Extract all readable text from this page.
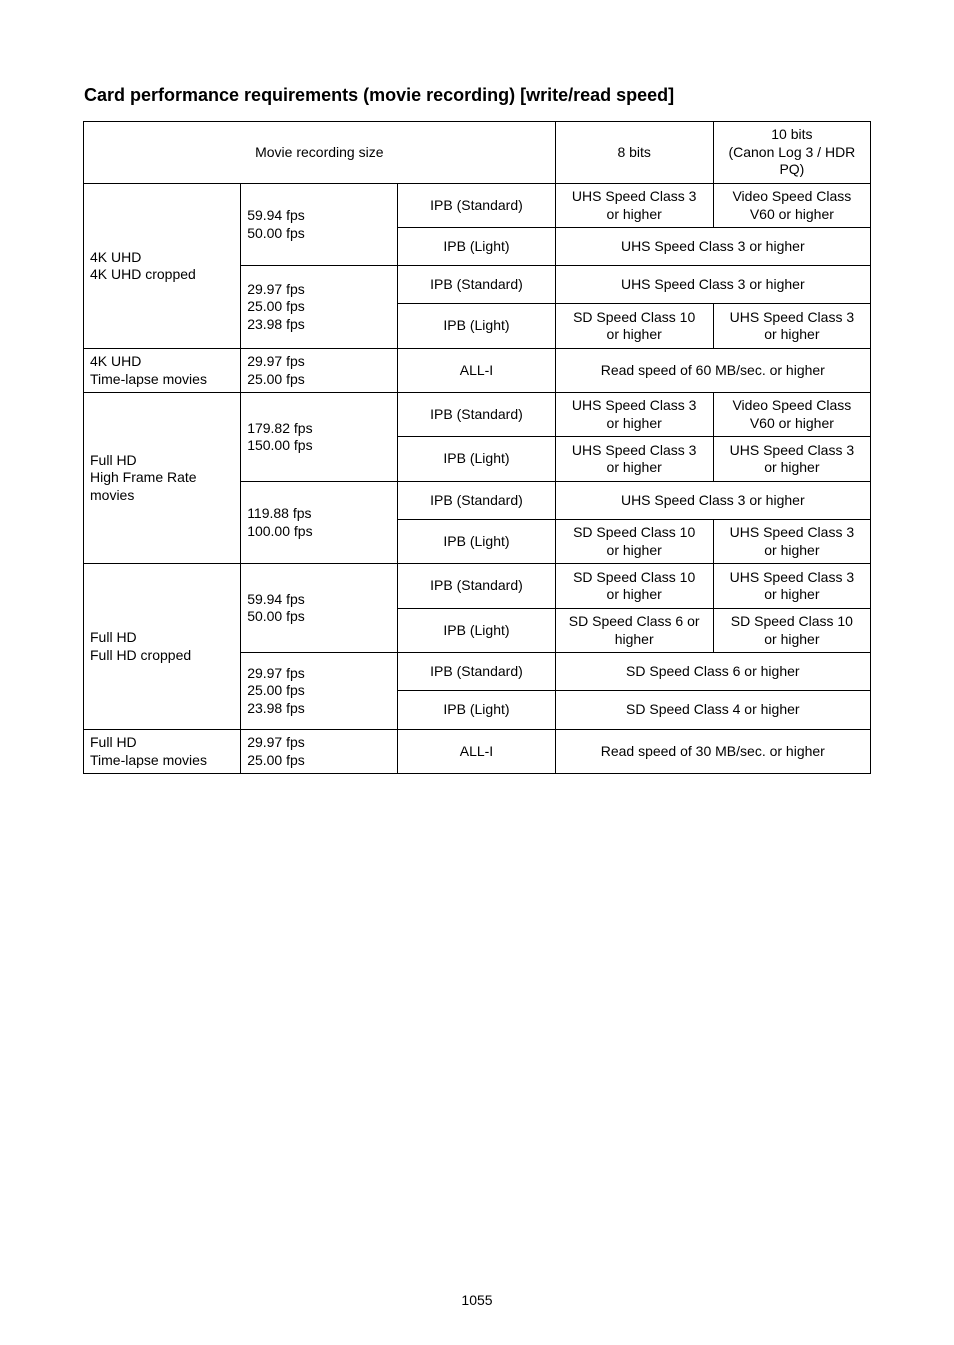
Card performance requirements (movie recording) [write/read speed]
Movie recording size			8 bits	10 bits
(Canon Log 3 / HDR
PQ)
4K UHD
4K UHD cropped	59.94 fps
50.00 fps	IPB (Standard)	UHS Speed Class 3
or higher	Video Speed Class
V60 or higher
		IPB (Light)	UHS Speed Class 3 or higher	
	29.97 fps
25.00 fps
23.98 fps	IPB (Standard)	UHS Speed Class 3 or higher	
		IPB (Light)	SD Speed Class 10
or higher	UHS Speed Class 3
or higher
4K UHD
Time-lapse movies	29.97 fps
25.00 fps	ALL-I	Read speed of 60 MB/sec. or higher	
Full HD
High Frame Rate
movies	179.82 fps
150.00 fps	IPB (Standard)	UHS Speed Class 3
or higher	Video Speed Class
V60 or higher
		IPB (Light)	UHS Speed Class 3
or higher	UHS Speed Class 3
or higher
	119.88 fps
100.00 fps	IPB (Standard)	UHS Speed Class 3 or higher	
		IPB (Light)	SD Speed Class 10
or higher	UHS Speed Class 3
or higher
Full HD
Full HD cropped	59.94 fps
50.00 fps	IPB (Standard)	SD Speed Class 10
or higher	UHS Speed Class 3
or higher
		IPB (Light)	SD Speed Class 6 or
higher	SD Speed Class 10
or higher
	29.97 fps
25.00 fps
23.98 fps	IPB (Standard)	SD Speed Class 6 or higher	
		IPB (Light)	SD Speed Class 4 or higher	
Full HD
Time-lapse movies	29.97 fps
25.00 fps	ALL-I	Read speed of 30 MB/sec. or higher	
1055
